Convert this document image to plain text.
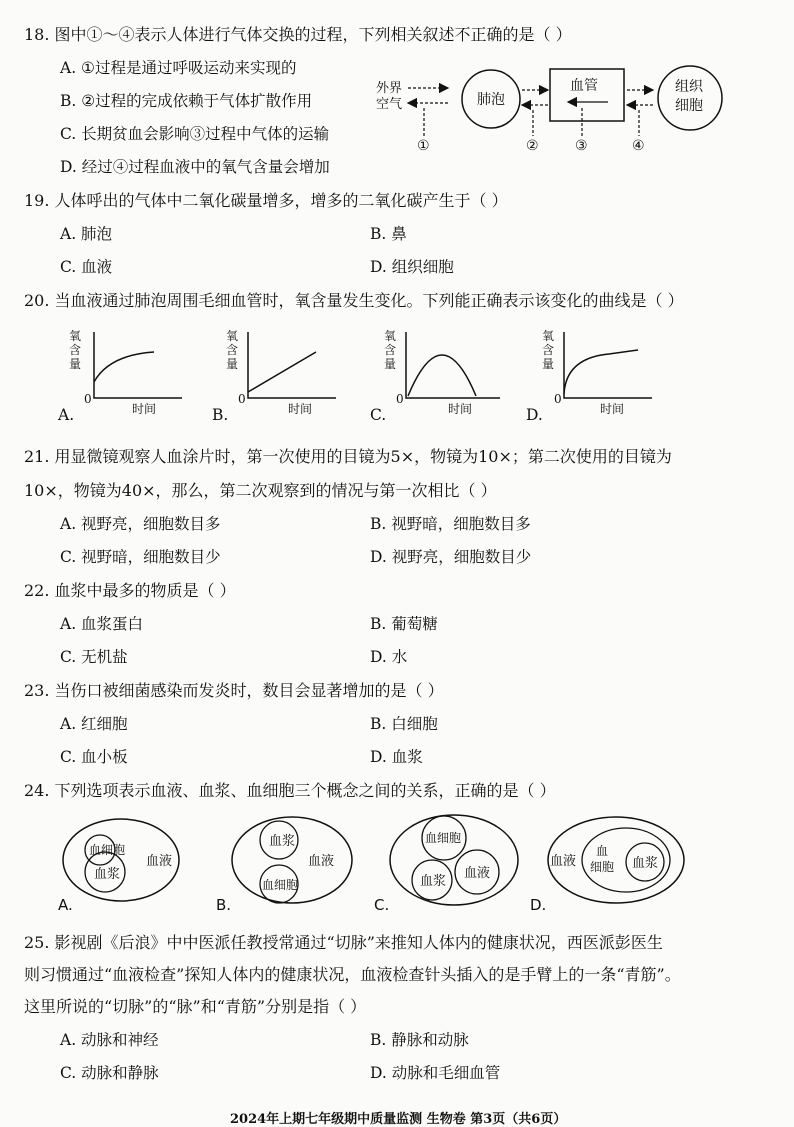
18. 图中①～④表示人体进行气体交换的过程，下列相关叙述不正确的是（ ）
A. ①过程是通过呼吸运动来实现的
B. ②过程的完成依赖于气体扩散作用
C. 长期贫血会影响③过程中气体的运输
D. 经过④过程血液中的氧气含量会增加
外界
空气
①
肺泡
②
血管
③	④
组织
细胞
19. 人体呼出的气体中二氧化碳量增多，增多的二氧化碳产生于（ ）
A. 肺泡	B. 鼻
C. 血液	D. 组织细胞
20. 当血液通过肺泡周围毛细血管时，氧含量发生变化。下列能正确表示该变化的曲线是（ ）
氧
含
量
0
时间
A.
氧
含
量
0
时间
B.
氧
含
量
0
时间
C.
氧
含
量
0
时间
D.
21. 用显微镜观察人血涂片时，第一次使用的目镜为5×，物镜为10×；第二次使用的目镜为
10×，物镜为40×，那么，第二次观察到的情况与第一次相比（ ）
A. 视野亮，细胞数目多	B. 视野暗，细胞数目多
C. 视野暗，细胞数目少	D. 视野亮，细胞数目少
22. 血浆中最多的物质是（ ）
A. 血浆蛋白	B. 葡萄糖
C. 无机盐	D. 水
23. 当伤口被细菌感染而发炎时，数目会显著增加的是（ ）
A. 红细胞	B. 白细胞
C. 血小板	D. 血浆
24. 下列选项表示血液、血浆、血细胞三个概念之间的关系，正确的是（ ）
血细胞
血浆
血液
A.
血浆
血细胞
血液
B.
血细胞
血浆
血液
C.
血液
血
细胞 血浆
D.
25. 影视剧《后浪》中中医派任教授常通过“切脉”来推知人体内的健康状况，西医派彭医生
则习惯通过“血液检查”探知人体内的健康状况，血液检查针头插入的是手臂上的一条“青筋”。
这里所说的“切脉”的“脉”和“青筋”分别是指（ ）
A. 动脉和神经	B. 静脉和动脉
C. 动脉和静脉	D. 动脉和毛细血管
2024年上期七年级期中质量监测 生物卷 第3页（共6页）
